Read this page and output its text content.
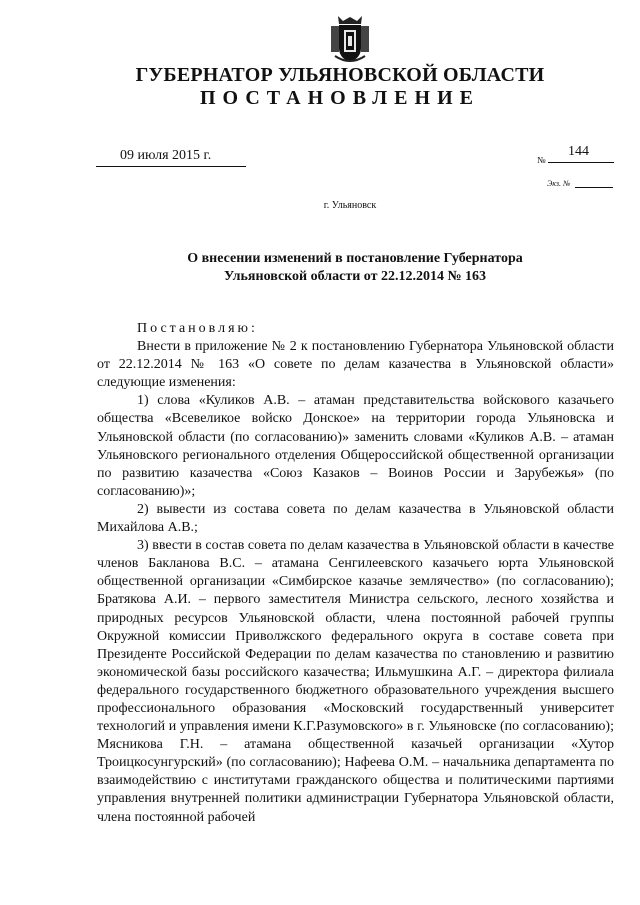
ГУБЕРНАТОР УЛЬЯНОВСКОЙ ОБЛАСТИ
ПОСТАНОВЛЕНИЕ
09 июля 2015 г.	№
144
Экз. №
г. Ульяновск
О внесении изменений в постановление Губернатора
Ульяновской области от 22.12.2014 № 163

Постановляю:

Внести в приложение № 2 к постановлению Губернатора Ульяновской области от 22.12.2014 № 163 «О совете по делам казачества в Ульяновской области» следующие изменения:

1) слова «Куликов А.В. – атаман представительства войскового казачьего общества «Всевеликое войско Донское» на территории города Ульяновска и Ульяновской области (по согласованию)» заменить словами «Куликов А.В. – атаман Ульяновского регионального отделения Общероссийской общественной организации по развитию казачества «Союз Казаков – Воинов России и Зарубежья» (по согласованию)»;

2) вывести из состава совета по делам казачества в Ульяновской области Михайлова А.В.;

3) ввести в состав совета по делам казачества в Ульяновской области в качестве членов Бакланова В.С. – атамана Сенгилеевского казачьего юрта Ульяновской общественной организации «Симбирское казачье землячество» (по согласованию); Братякова А.И. – первого заместителя Министра сельского, лесного хозяйства и природных ресурсов Ульяновской области, члена постоянной рабочей группы Окружной комиссии Приволжского федерального округа в составе совета при Президенте Российской Федерации по делам казачества по становлению и развитию экономической базы российского казачества; Ильмушкина А.Г. – директора филиала федерального государственного бюджетного образовательного учреждения высшего профессионального образования «Московский государственный университет технологий и управления имени К.Г.Разумовского» в г. Ульяновске (по согласованию); Мясникова Г.Н. – атамана общественной казачьей организации «Хутор Троицкосунгурский» (по согласованию); Нафеева О.М. – начальника департамента по взаимодействию с институтами гражданского общества и политическими партиями управления внутренней политики администрации Губернатора Ульяновской области, члена постоянной рабочей
